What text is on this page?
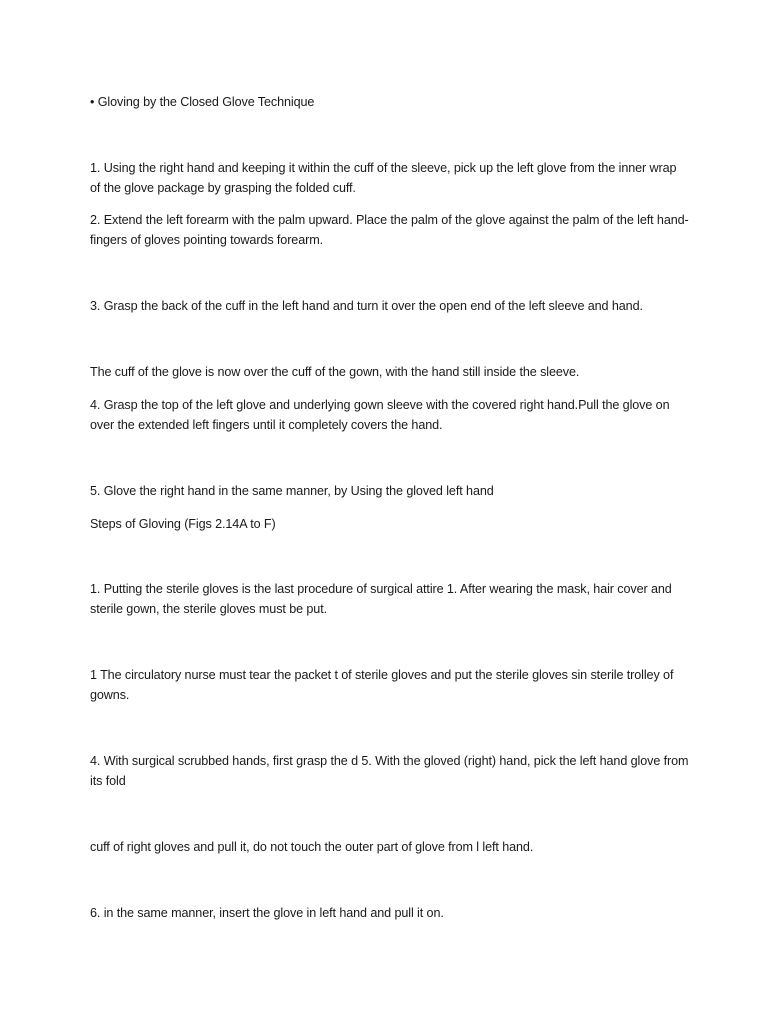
• Gloving by the Closed Glove Technique

1. Using the right hand and keeping it within the cuff of the sleeve, pick up the left glove from the inner wrap of the glove package by grasping the folded cuff.

2. Extend the left forearm with the palm upward. Place the palm of the glove against the palm of the left hand- fingers of gloves pointing towards forearm.

3. Grasp the back of the cuff in the left hand and turn it over the open end of the left sleeve and hand.

The cuff of the glove is now over the cuff of the gown, with the hand still inside the sleeve.

4. Grasp the top of the left glove and underlying gown sleeve with the covered right hand.Pull the glove on over the extended left fingers until it completely covers the hand.

5. Glove the right hand in the same manner, by Using the gloved left hand

Steps of Gloving (Figs 2.14A to F)

1. Putting the sterile gloves is the last procedure of surgical attire 1. After wearing the mask, hair cover and sterile gown, the sterile gloves must be put.

1 The circulatory nurse must tear the packet t of sterile gloves and put the sterile gloves sin sterile trolley of gowns.

4. With surgical scrubbed hands, first grasp the d 5. With the gloved (right) hand, pick the left hand glove from its fold

cuff of right gloves and pull it, do not touch the outer part of glove from l left hand.

6. in the same manner, insert the glove in left hand and pull it on.
